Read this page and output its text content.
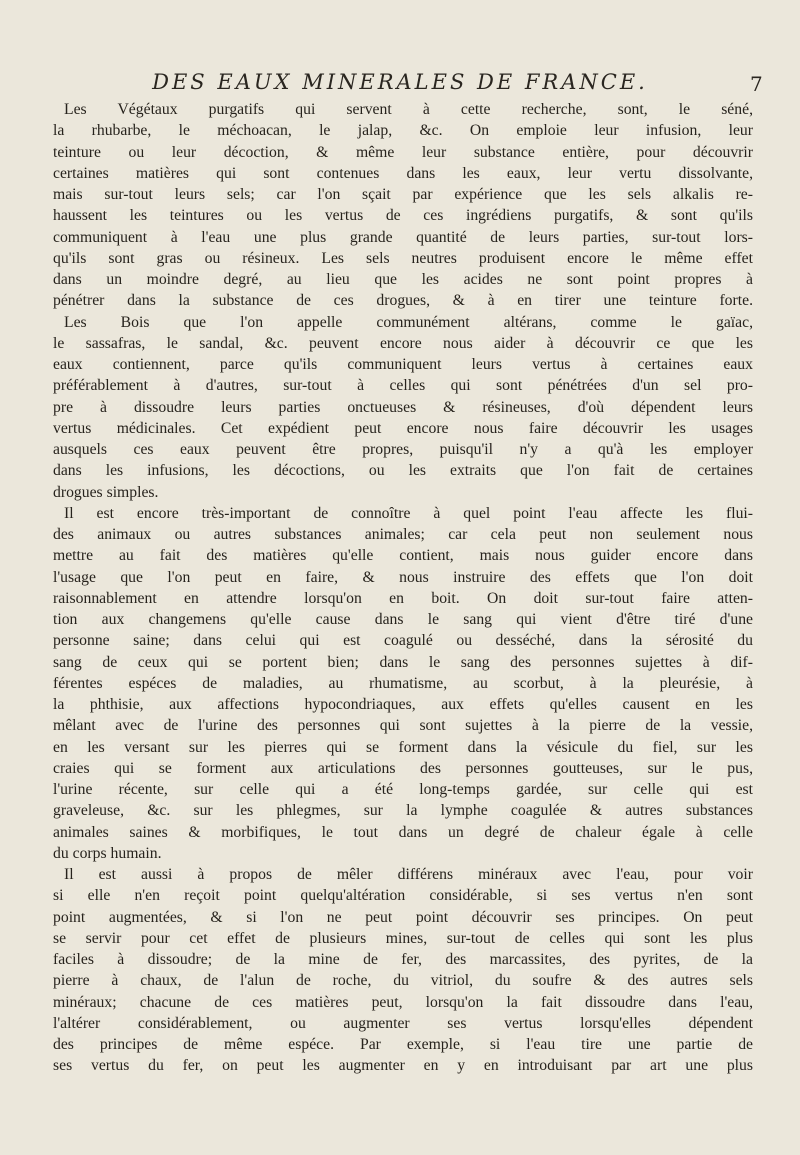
DES EAUX MINERALES DE FRANCE.	7
Les Végétaux purgatifs qui servent à cette recherche, sont, le séné,
la rhubarbe, le méchoacan, le jalap, &c. On emploie leur infusion, leur
teinture ou leur décoction, & même leur substance entière, pour découvrir
certaines matières qui sont contenues dans les eaux, leur vertu dissolvante,
mais sur-tout leurs sels; car l'on sçait par expérience que les sels alkalis re-
haussent les teintures ou les vertus de ces ingrédiens purgatifs, & sont qu'ils
communiquent à l'eau une plus grande quantité de leurs parties, sur-tout lors-
qu'ils sont gras ou résineux. Les sels neutres produisent encore le même effet
dans un moindre degré, au lieu que les acides ne sont point propres à
pénétrer dans la substance de ces drogues, & à en tirer une teinture forte.
Les Bois que l'on appelle communément altérans, comme le gaïac,
le sassafras, le sandal, &c. peuvent encore nous aider à découvrir ce que les
eaux contiennent, parce qu'ils communiquent leurs vertus à certaines eaux
préférablement à d'autres, sur-tout à celles qui sont pénétrées d'un sel pro-
pre à dissoudre leurs parties onctueuses & résineuses, d'où dépendent leurs
vertus médicinales. Cet expédient peut encore nous faire découvrir les usages
ausquels ces eaux peuvent être propres, puisqu'il n'y a qu'à les employer
dans les infusions, les décoctions, ou les extraits que l'on fait de certaines
drogues simples.
Il est encore très-important de connoître à quel point l'eau affecte les flui-
des animaux ou autres substances animales; car cela peut non seulement nous
mettre au fait des matières qu'elle contient, mais nous guider encore dans
l'usage que l'on peut en faire, & nous instruire des effets que l'on doit
raisonnablement en attendre lorsqu'on en boit. On doit sur-tout faire atten-
tion aux changemens qu'elle cause dans le sang qui vient d'être tiré d'une
personne saine; dans celui qui est coagulé ou desséché, dans la sérosité du
sang de ceux qui se portent bien; dans le sang des personnes sujettes à dif-
férentes espéces de maladies, au rhumatisme, au scorbut, à la pleurésie, à
la phthisie, aux affections hypocondriaques, aux effets qu'elles causent en les
mêlant avec de l'urine des personnes qui sont sujettes à la pierre de la vessie,
en les versant sur les pierres qui se forment dans la vésicule du fiel, sur les
craies qui se forment aux articulations des personnes goutteuses, sur le pus,
l'urine récente, sur celle qui a été long-temps gardée, sur celle qui est
graveleuse, &c. sur les phlegmes, sur la lymphe coagulée & autres substances
animales saines & morbifiques, le tout dans un degré de chaleur égale à celle
du corps humain.
Il est aussi à propos de mêler différens minéraux avec l'eau, pour voir
si elle n'en reçoit point quelqu'altération considérable, si ses vertus n'en sont
point augmentées, & si l'on ne peut point découvrir ses principes. On peut
se servir pour cet effet de plusieurs mines, sur-tout de celles qui sont les plus
faciles à dissoudre; de la mine de fer, des marcassites, des pyrites, de la
pierre à chaux, de l'alun de roche, du vitriol, du soufre & des autres sels
minéraux; chacune de ces matières peut, lorsqu'on la fait dissoudre dans l'eau,
l'altérer considérablement, ou augmenter ses vertus lorsqu'elles dépendent
des principes de même espéce. Par exemple, si l'eau tire une partie de
ses vertus du fer, on peut les augmenter en y en introduisant par art une plus
